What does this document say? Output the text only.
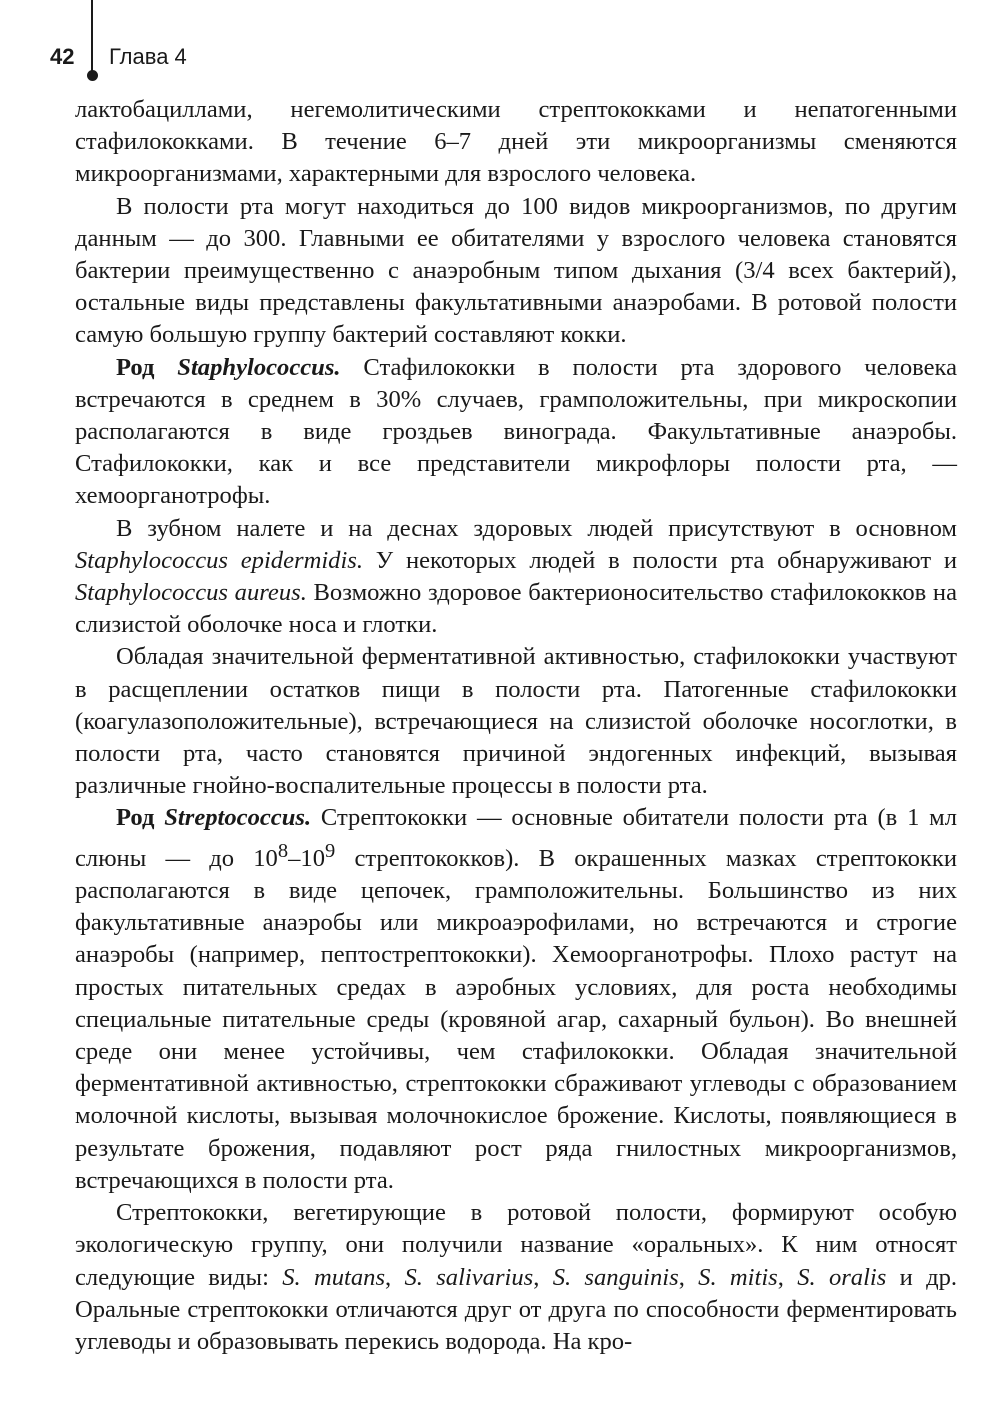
42 Глава 4

лактобациллами, негемолитическими стрептококками и непатогенными стафилококками. В течение 6–7 дней эти микроорганизмы сменяются микроорганизмами, характерными для взрослого человека.

В полости рта могут находиться до 100 видов микроорганизмов, по другим данным — до 300. Главными ее обитателями у взрослого человека становятся бактерии преимущественно с анаэробным типом дыхания (3/4 всех бактерий), остальные виды представлены факультативными анаэробами. В ротовой полости самую большую группу бактерий составляют кокки.

Род Staphylococcus. Стафилококки в полости рта здорового человека встречаются в среднем в 30% случаев, грамположительны, при микроскопии располагаются в виде гроздьев винограда. Факультативные анаэробы. Стафилококки, как и все представители микрофлоры полости рта, — хемоорганотрофы.

В зубном налете и на деснах здоровых людей присутствуют в основном Staphylococcus epidermidis. У некоторых людей в полости рта обнаруживают и Staphylococcus aureus. Возможно здоровое бактерионосительство стафилококков на слизистой оболочке носа и глотки.

Обладая значительной ферментативной активностью, стафилококки участвуют в расщеплении остатков пищи в полости рта. Патогенные стафилококки (коагулазоположительные), встречающиеся на слизистой оболочке носоглотки, в полости рта, часто становятся причиной эндогенных инфекций, вызывая различные гнойно-воспалительные процессы в полости рта.

Род Streptococcus. Стрептококки — основные обитатели полости рта (в 1 мл слюны — до $10^8-10^9$ стрептококков). В окрашенных мазках стрептококки располагаются в виде цепочек, грамположительны. Большинство из них факультативные анаэробы или микроаэрофилами, но встречаются и строгие анаэробы (например, пептострептококки). Хемоорганотрофы. Плохо растут на простых питательных средах в аэробных условиях, для роста необходимы специальные питательные среды (кровяной агар, сахарный бульон). Во внешней среде они менее устойчивы, чем стафилококки. Обладая значительной ферментативной активностью, стрептококки сбраживают углеводы с образованием молочной кислоты, вызывая молочнокислое брожение. Кислоты, появляющиеся в результате брожения, подавляют рост ряда гнилостных микроорганизмов, встречающихся в полости рта.

Стрептококки, вегетирующие в ротовой полости, формируют особую экологическую группу, они получили название «оральных». К ним относят следующие виды: S. mutans, S. salivarius, S. sanguinis, S. mitis, S. oralis и др. Оральные стрептококки отличаются друг от друга по способности ферментировать углеводы и образовывать перекись водорода. На кро-
